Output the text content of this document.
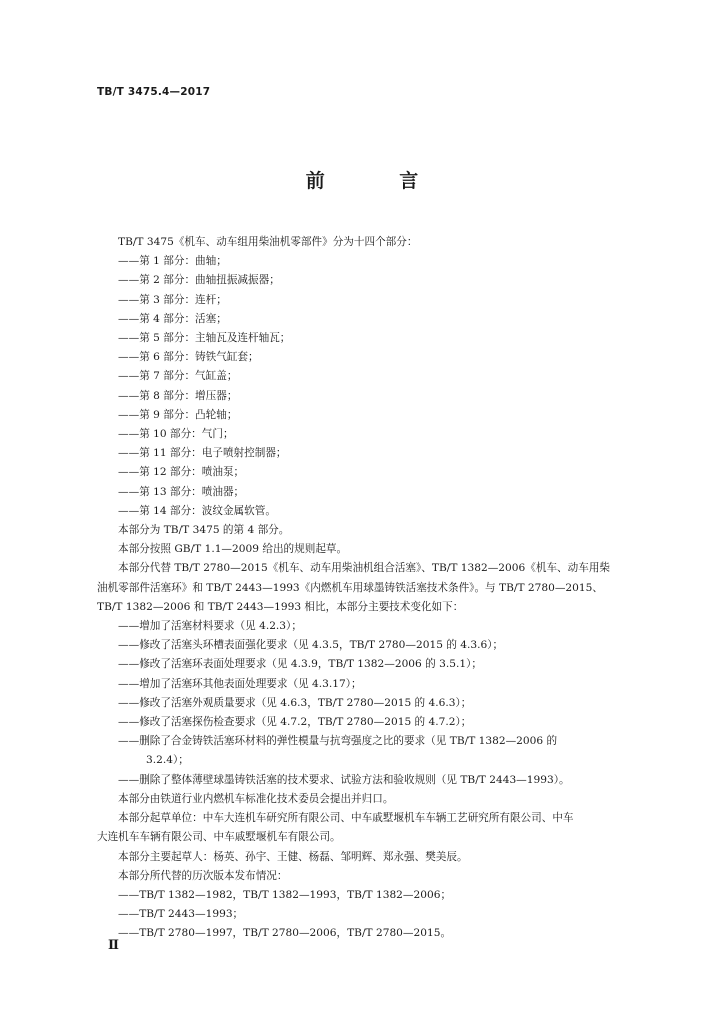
TB/T 3475.4—2017
前 言

TB/T 3475《机车、动车组用柴油机零部件》分为十四个部分：

——第 1 部分：曲轴；

——第 2 部分：曲轴扭振减振器；

——第 3 部分：连杆；

——第 4 部分：活塞；

——第 5 部分：主轴瓦及连杆轴瓦；

——第 6 部分：铸铁气缸套；

——第 7 部分：气缸盖；

——第 8 部分：增压器；

——第 9 部分：凸轮轴；

——第 10 部分：气门；

——第 11 部分：电子喷射控制器；

——第 12 部分：喷油泵；

——第 13 部分：喷油器；

——第 14 部分：波纹金属软管。

本部分为 TB/T 3475 的第 4 部分。

本部分按照 GB/T 1.1—2009 给出的规则起草。

本部分代替 TB/T 2780—2015《机车、动车用柴油机组合活塞》、TB/T 1382—2006《机车、动车用柴

油机零部件活塞环》和 TB/T 2443—1993《内燃机车用球墨铸铁活塞技术条件》。与 TB/T 2780—2015、

TB/T 1382—2006 和 TB/T 2443—1993 相比，本部分主要技术变化如下：

——增加了活塞材料要求（见 4.2.3）；

——修改了活塞头环槽表面强化要求（见 4.3.5，TB/T 2780—2015 的 4.3.6）；

——修改了活塞环表面处理要求（见 4.3.9，TB/T 1382—2006 的 3.5.1）；

——增加了活塞环其他表面处理要求（见 4.3.17）；

——修改了活塞外观质量要求（见 4.6.3，TB/T 2780—2015 的 4.6.3）；

——修改了活塞探伤检查要求（见 4.7.2，TB/T 2780—2015 的 4.7.2）；

——删除了合金铸铁活塞环材料的弹性模量与抗弯强度之比的要求（见 TB/T 1382—2006 的

3.2.4）；

——删除了整体薄壁球墨铸铁活塞的技术要求、试验方法和验收规则（见 TB/T 2443—1993）。

本部分由铁道行业内燃机车标准化技术委员会提出并归口。

本部分起草单位：中车大连机车研究所有限公司、中车戚墅堰机车车辆工艺研究所有限公司、中车

大连机车车辆有限公司、中车戚墅堰机车有限公司。

本部分主要起草人：杨英、孙宇、王健、杨磊、邹明辉、郑永强、樊美辰。

本部分所代替的历次版本发布情况：

——TB/T 1382—1982，TB/T 1382—1993，TB/T 1382—2006；

——TB/T 2443—1993；

——TB/T 2780—1997，TB/T 2780—2006，TB/T 2780—2015。

Ⅱ
